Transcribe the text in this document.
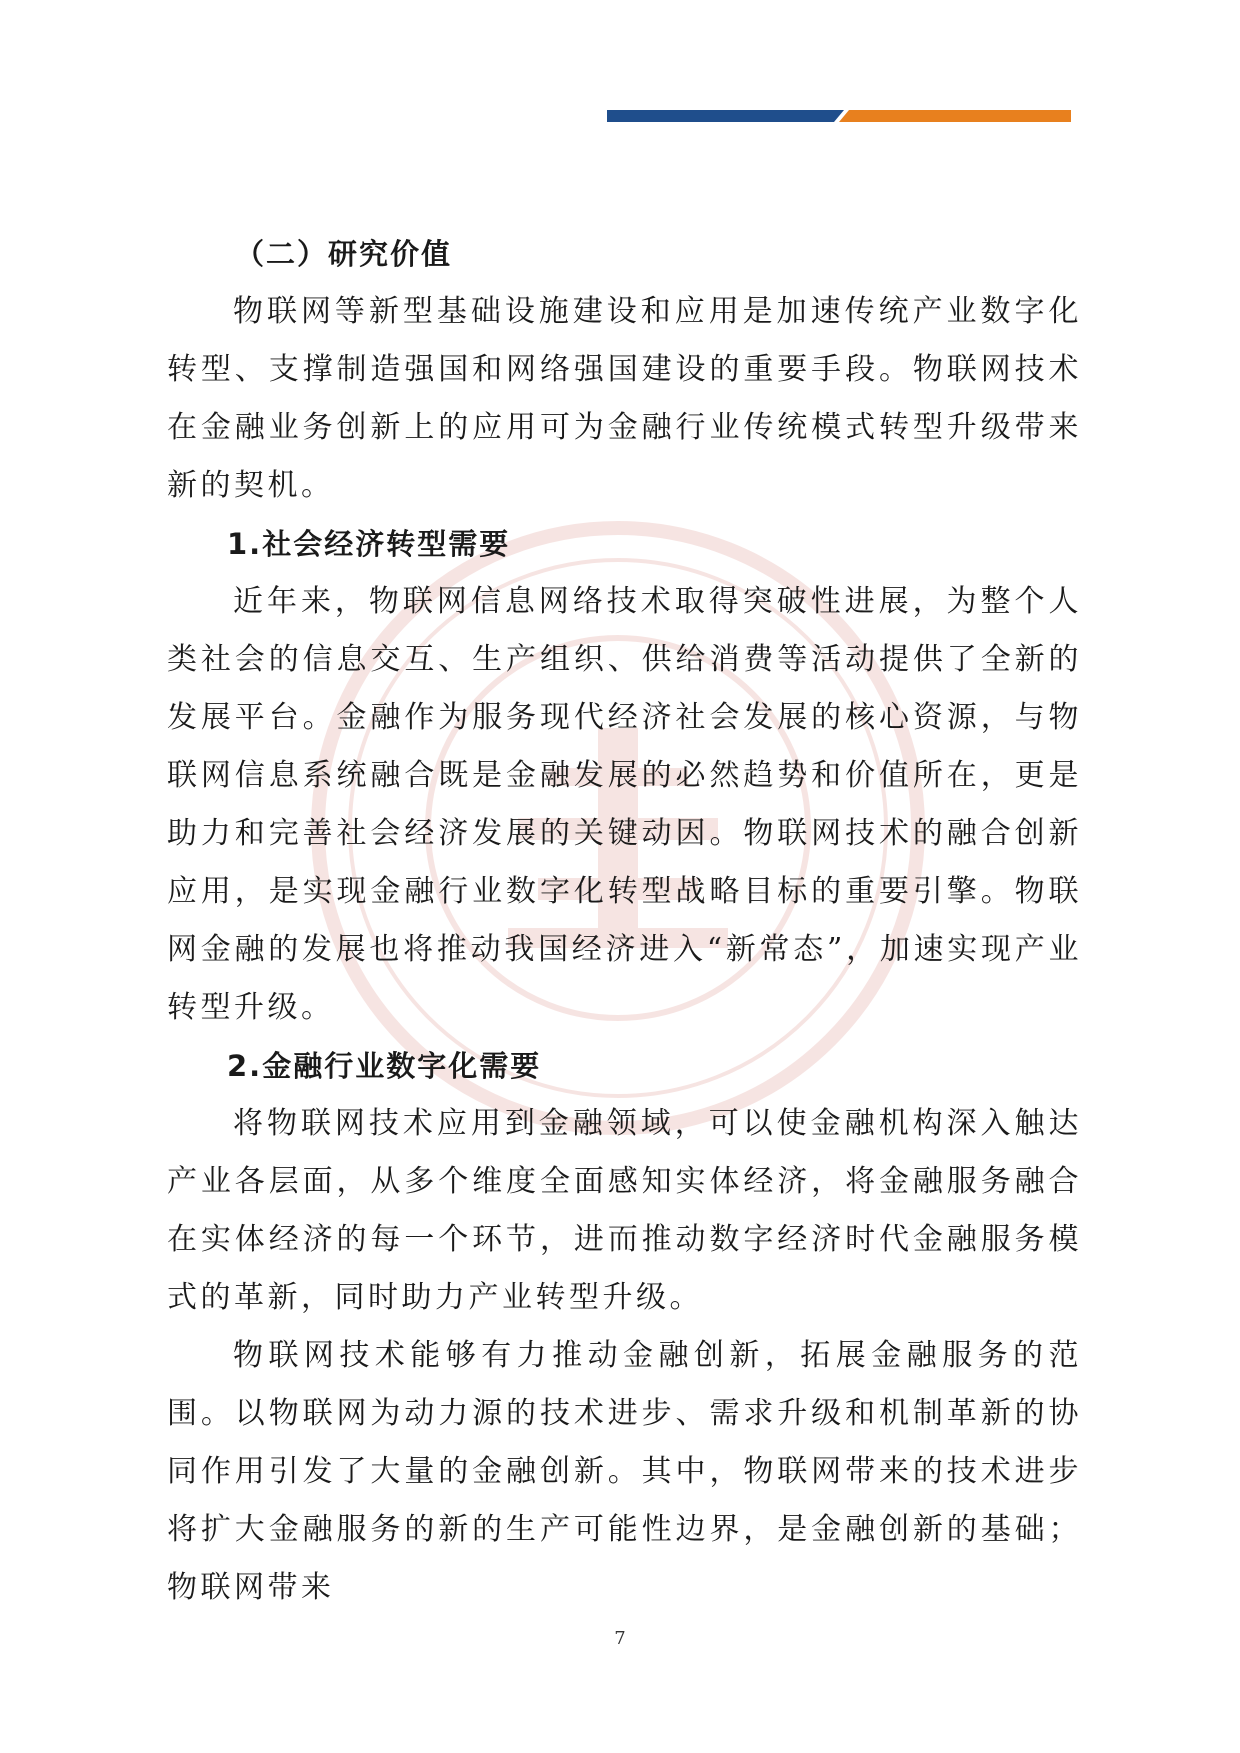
（二）研究价值

物联网等新型基础设施建设和应用是加速传统产业数字化转型、支撑制造强国和网络强国建设的重要手段。物联网技术在金融业务创新上的应用可为金融行业传统模式转型升级带来新的契机。

1.社会经济转型需要

近年来，物联网信息网络技术取得突破性进展，为整个人类社会的信息交互、生产组织、供给消费等活动提供了全新的发展平台。金融作为服务现代经济社会发展的核心资源，与物联网信息系统融合既是金融发展的必然趋势和价值所在，更是助力和完善社会经济发展的关键动因。物联网技术的融合创新应用，是实现金融行业数字化转型战略目标的重要引擎。物联网金融的发展也将推动我国经济进入“新常态”，加速实现产业转型升级。

2.金融行业数字化需要

将物联网技术应用到金融领域，可以使金融机构深入触达产业各层面，从多个维度全面感知实体经济，将金融服务融合在实体经济的每一个环节，进而推动数字经济时代金融服务模式的革新，同时助力产业转型升级。

物联网技术能够有力推动金融创新，拓展金融服务的范围。以物联网为动力源的技术进步、需求升级和机制革新的协同作用引发了大量的金融创新。其中，物联网带来的技术进步将扩大金融服务的新的生产可能性边界，是金融创新的基础；物联网带来

7
